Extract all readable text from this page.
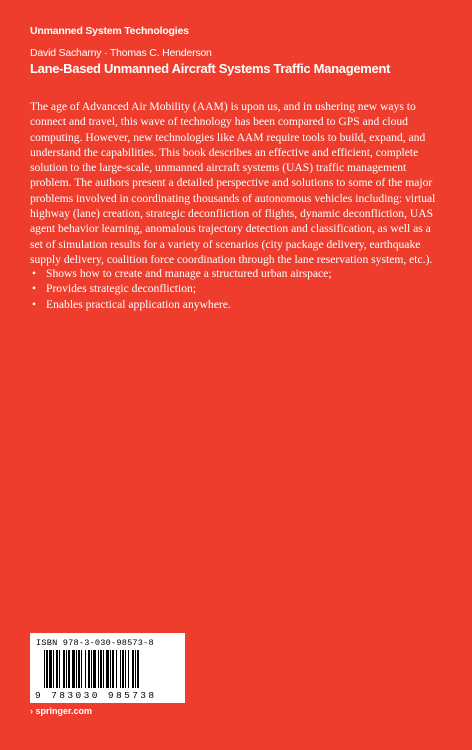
Unmanned System Technologies
David Sacharny · Thomas C. Henderson
Lane-Based Unmanned Aircraft Systems Traffic Management

The age of Advanced Air Mobility (AAM) is upon us, and in ushering new ways to connect and travel, this wave of technology has been compared to GPS and cloud computing. However, new technologies like AAM require tools to build, expand, and understand the capabilities. This book describes an effective and efficient, complete solution to the large-scale, unmanned aircraft systems (UAS) traffic management problem. The authors present a detailed perspective and solutions to some of the major problems involved in coordinating thousands of autonomous vehicles including: virtual highway (lane) creation, strategic deconfliction of flights, dynamic deconfliction, UAS agent behavior learning, anomalous trajectory detection and classification, as well as a set of simulation results for a variety of scenarios (city package delivery, earthquake supply delivery, coalition force coordination through the lane reservation system, etc.).

• Shows how to create and manage a structured urban airspace;
• Provides strategic deconfliction;
• Enables practical application anywhere.
ISBN 978-3-030-98573-8
9 783030 985738
› springer.com
